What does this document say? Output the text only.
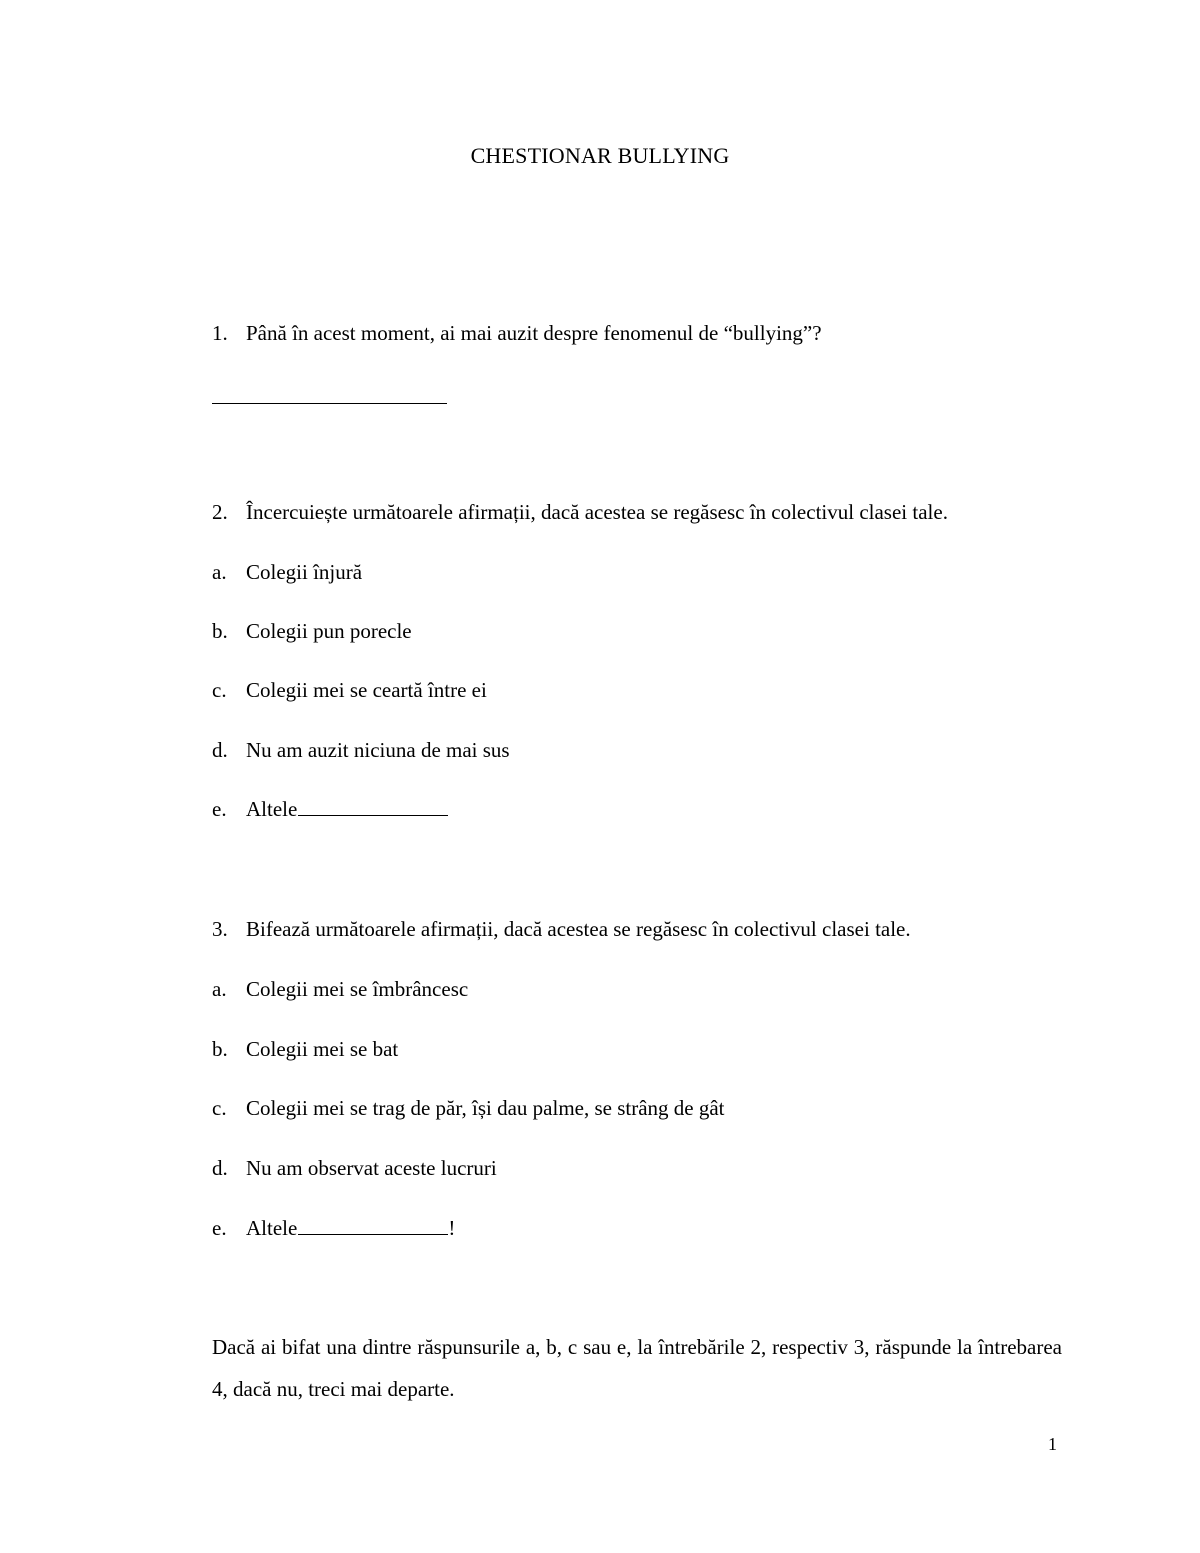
CHESTIONAR BULLYING
1. Până în acest moment, ai mai auzit despre fenomenul de “bullying”?
2. Încercuiește următoarele afirmații, dacă acestea se regăsesc în colectivul clasei tale.
a. Colegii înjură
b. Colegii pun porecle
c. Colegii mei se ceartă între ei
d. Nu am auzit niciuna de mai sus
e. Altele
3. Bifează următoarele afirmații, dacă acestea se regăsesc în colectivul clasei tale.
a. Colegii mei se îmbrâncesc
b. Colegii mei se bat
c. Colegii mei se trag de păr, își dau palme, se strâng de gât
d. Nu am observat aceste lucruri
e. Altele	!
Dacă ai bifat una dintre răspunsurile a, b, c sau e, la întrebările 2, respectiv 3, răspunde la întrebarea 4, dacă nu, treci mai departe.
1
